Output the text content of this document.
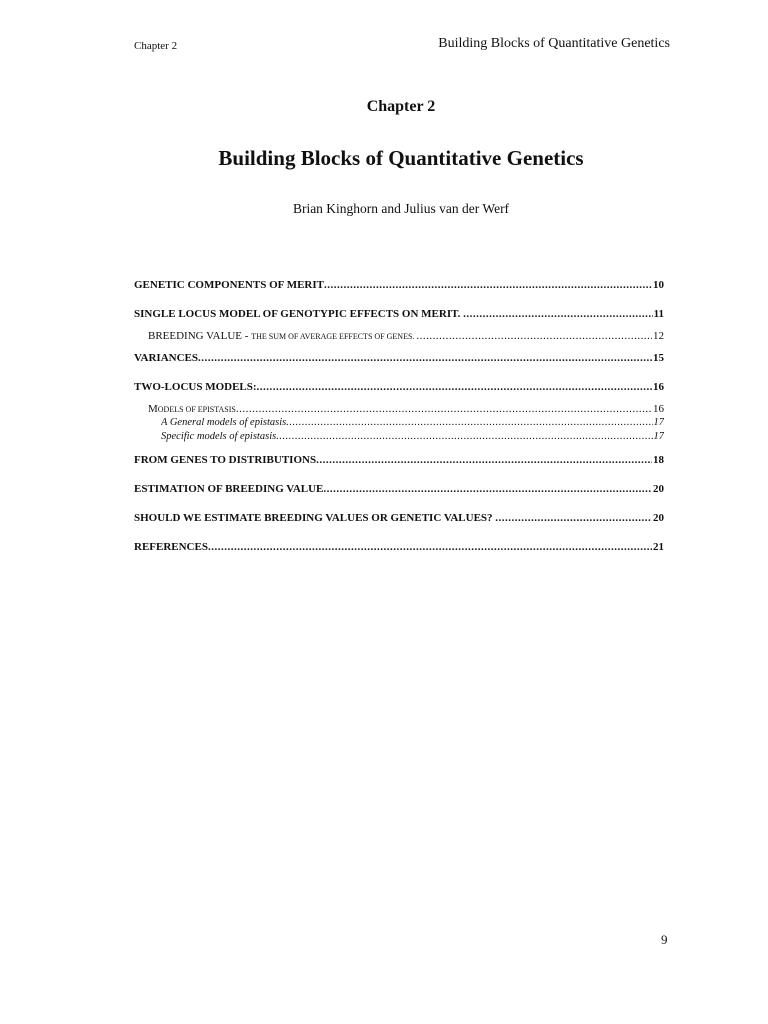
Chapter 2	Building Blocks of Quantitative Genetics
Chapter 2
Building Blocks of Quantitative Genetics
Brian Kinghorn and Julius van der Werf
GENETIC COMPONENTS OF MERIT .....	10
SINGLE LOCUS MODEL OF GENOTYPIC EFFECTS ON MERIT. .....	11
BREEDING VALUE - THE SUM OF AVERAGE EFFECTS OF GENES. .....	12
VARIANCES .....	15
TWO-LOCUS MODELS: .....	16
MODELS OF EPISTASIS .....	16
A General models of epistasis .....	17
Specific models of epistasis .....	17
FROM GENES TO DISTRIBUTIONS .....	18
ESTIMATION OF BREEDING VALUE .....	20
SHOULD WE ESTIMATE BREEDING VALUES OR GENETIC VALUES? .....	20
REFERENCES .....	21
9
